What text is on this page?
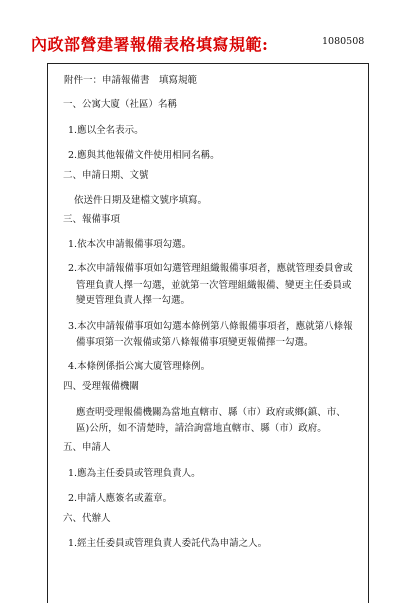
內政部營建署報備表格填寫規範:	1080508
附件一：申請報備書　填寫規範
一、公寓大廈（社區）名稱
1.應以全名表示。
2.應與其他報備文件使用相同名稱。
二、申請日期、文號
依送件日期及建檔文號序填寫。
三、報備事項
1.依本次申請報備事項勾選。
2.本次申請報備事項如勾選管理組織報備事項者，應就管理委員會或
管理負責人擇一勾選，並就第一次管理組織報備、變更主任委員或
變更管理負責人擇一勾選。
3.本次申請報備事項如勾選本條例第八條報備事項者，應就第八條報
備事項第一次報備或第八條報備事項變更報備擇一勾選。
4.本條例係指公寓大廈管理條例。
四、受理報備機關
應查明受理報備機關為當地直轄市、縣（市）政府或鄉(鎮、市、
區)公所，如不清楚時，請洽詢當地直轄市、縣（市）政府。
五、申請人
1.應為主任委員或管理負責人。
2.申請人應簽名或蓋章。
六、代辦人
1.經主任委員或管理負責人委託代為申請之人。
